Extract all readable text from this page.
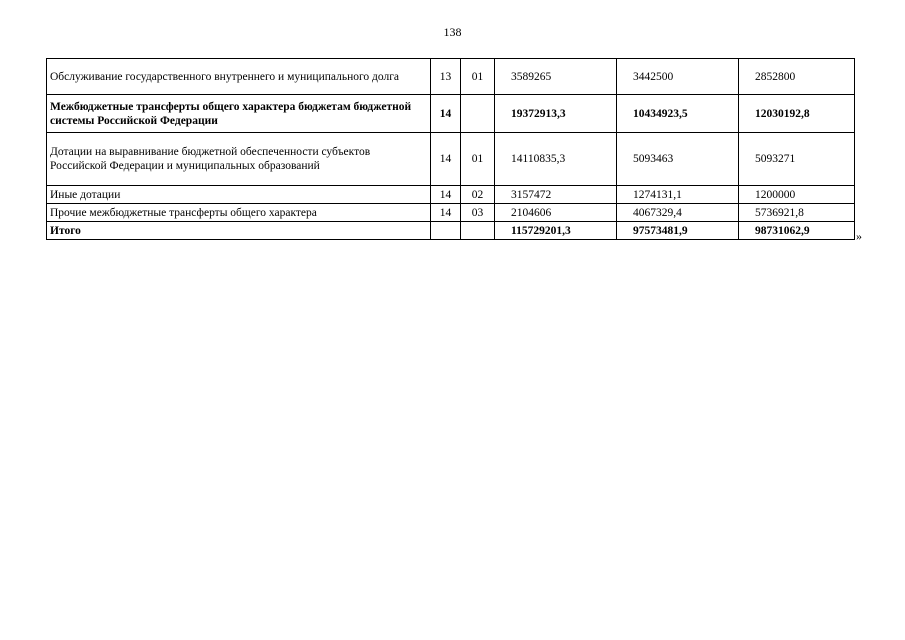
138
Обслуживание государственного внутреннего и муниципального долга	13	01	3589265	3442500	2852800
Межбюджетные трансферты общего характера бюджетам бюджетной системы Российской Федерации	14		19372913,3	10434923,5	12030192,8
Дотации на выравнивание бюджетной обеспеченности субъектов Российской Федерации и муниципальных образований	14	01	14110835,3	5093463	5093271
Иные дотации	14	02	3157472	1274131,1	1200000
Прочие межбюджетные трансферты общего характера	14	03	2104606	4067329,4	5736921,8
Итого			115729201,3	97573481,9	98731062,9	»
